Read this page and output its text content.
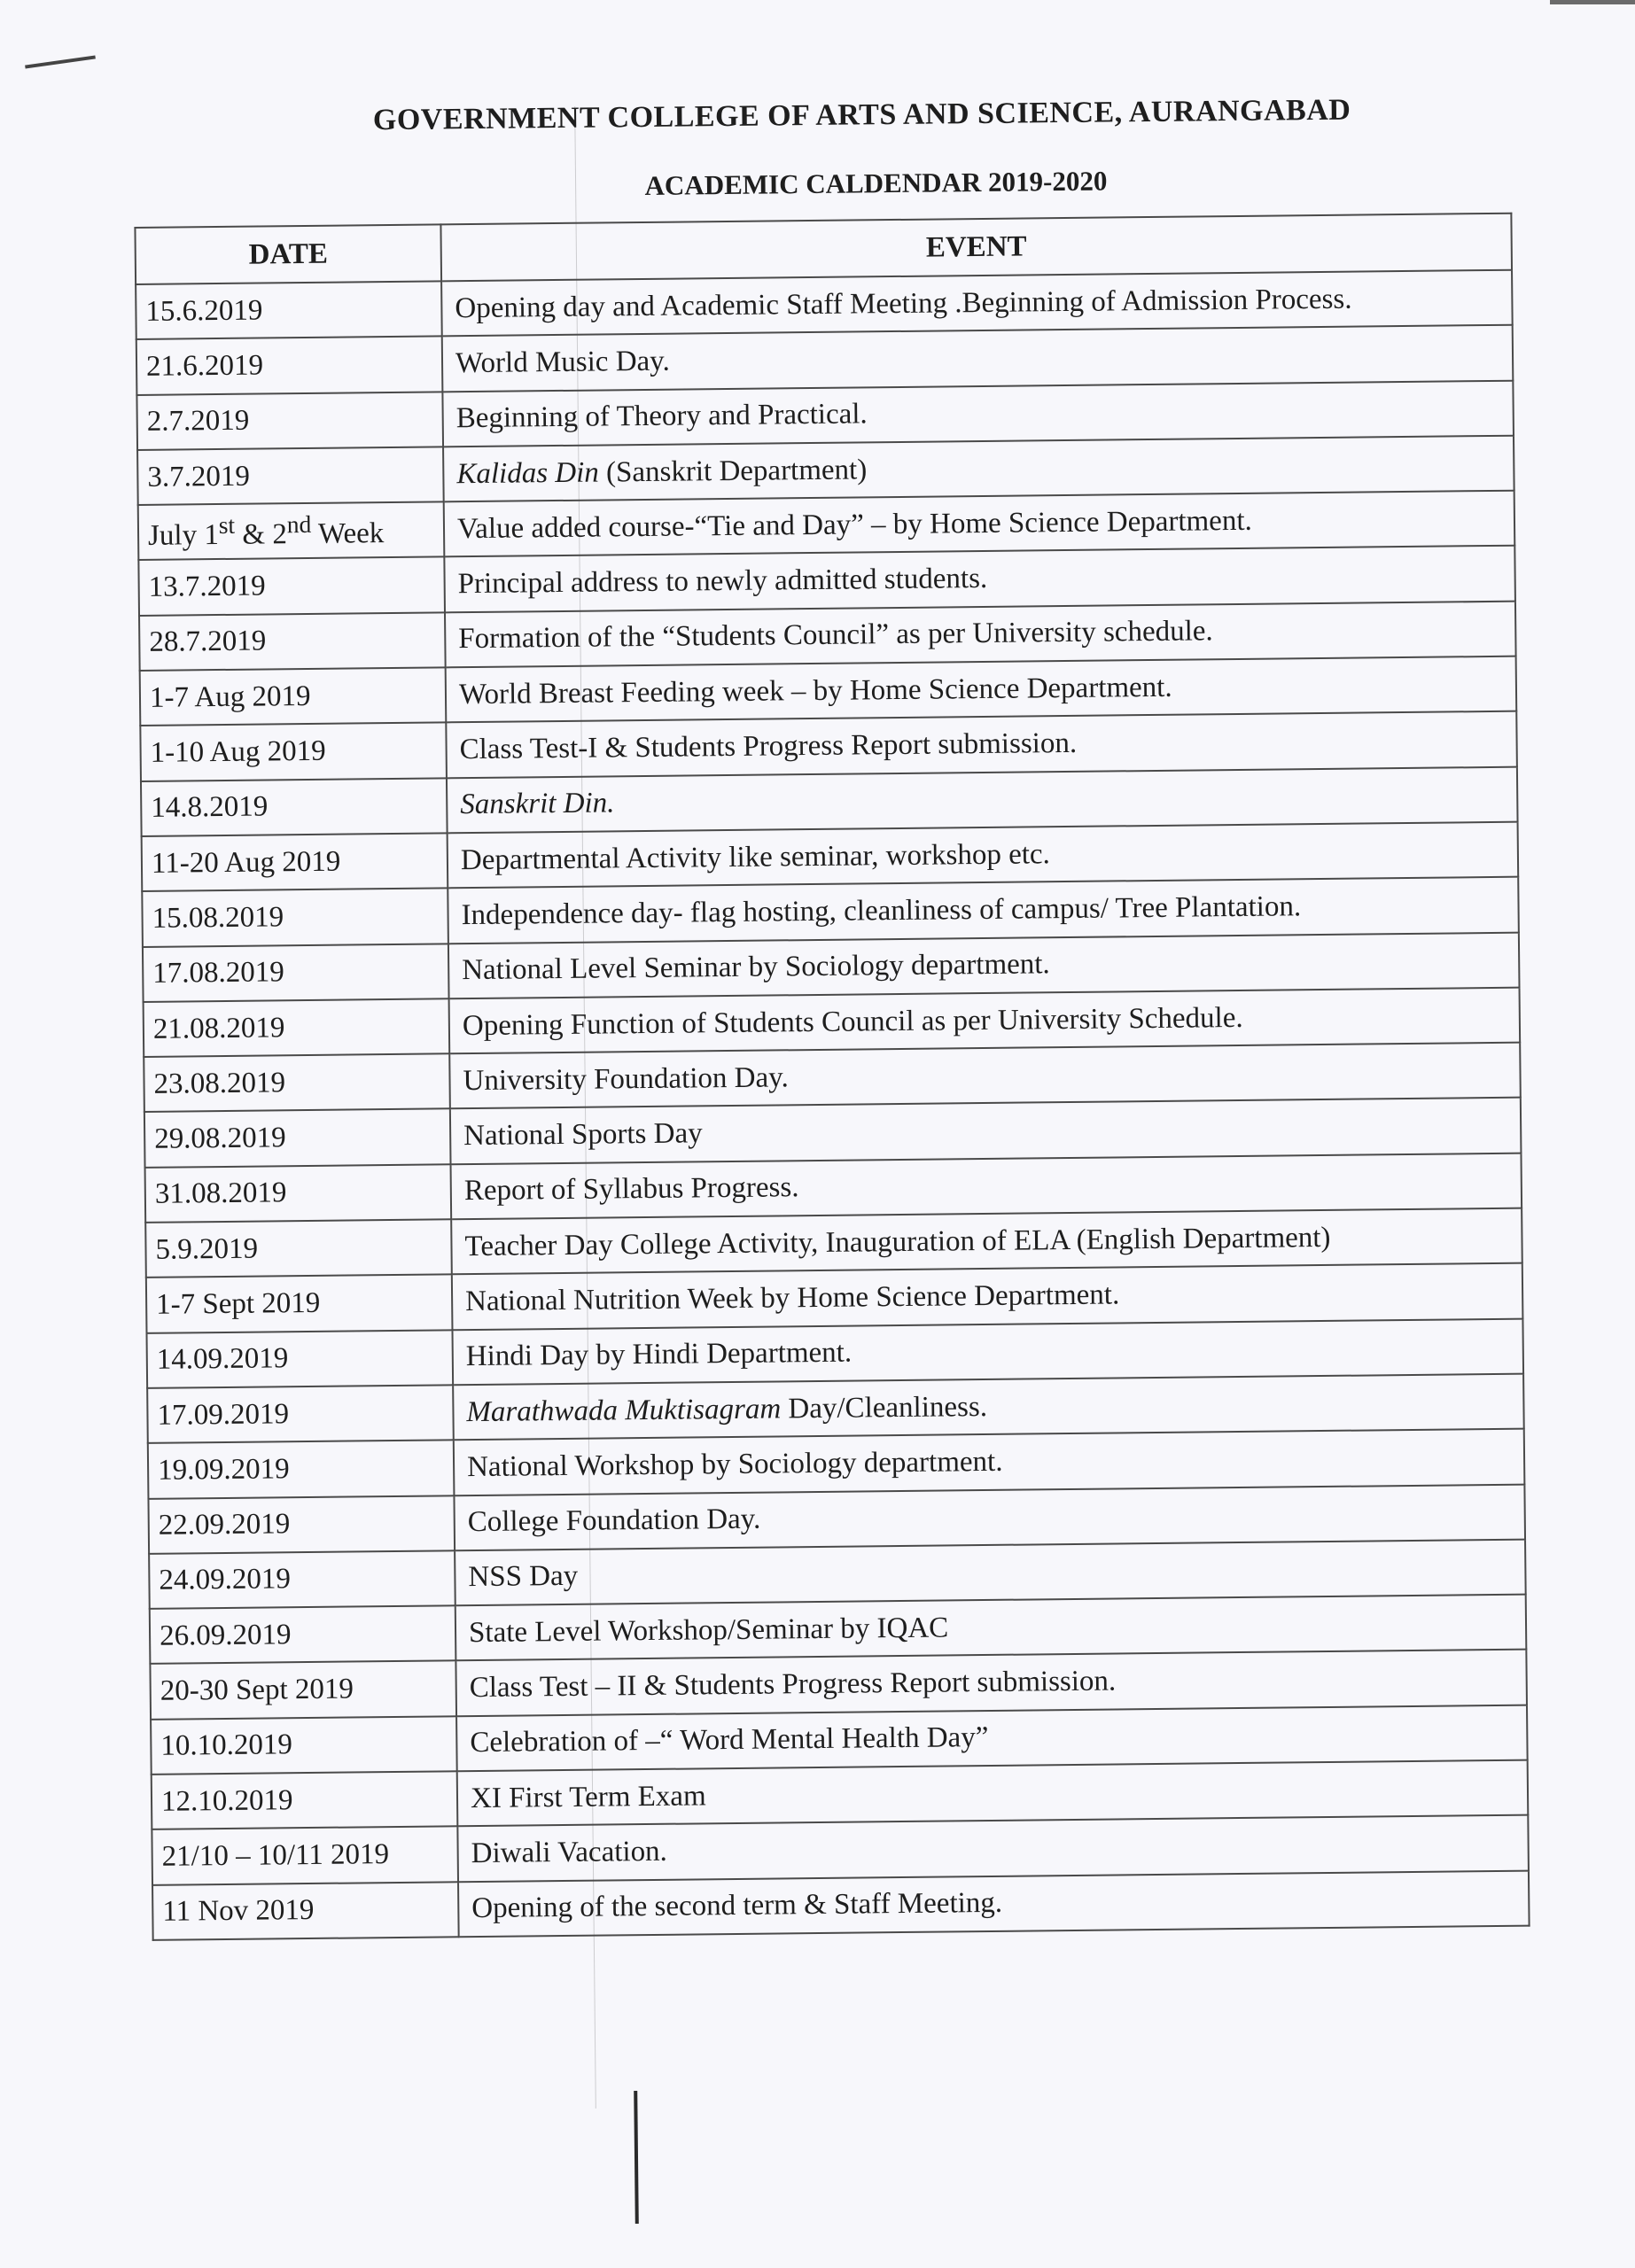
GOVERNMENT COLLEGE OF ARTS AND SCIENCE, AURANGABAD
ACADEMIC CALDENDAR 2019-2020
DATE	EVENT
15.6.2019	Opening day and Academic Staff Meeting .Beginning of Admission Process.
21.6.2019	World Music Day.
2.7.2019	Beginning of Theory and Practical.
3.7.2019	Kalidas Din (Sanskrit Department)
July 1st & 2nd Week	Value added course-“Tie and Day” – by Home Science Department.
13.7.2019	Principal address to newly admitted students.
28.7.2019	Formation of the “Students Council” as per University schedule.
1-7 Aug 2019	World Breast Feeding week – by Home Science Department.
1-10 Aug 2019	Class Test-I & Students Progress Report submission.
14.8.2019	Sanskrit Din.
11-20 Aug 2019	Departmental Activity like seminar, workshop etc.
15.08.2019	Independence day- flag hosting, cleanliness of campus/ Tree Plantation.
17.08.2019	National Level Seminar by Sociology department.
21.08.2019	Opening Function of Students Council as per University Schedule.
23.08.2019	University Foundation Day.
29.08.2019	National Sports Day
31.08.2019	Report of Syllabus Progress.
5.9.2019	Teacher Day College Activity, Inauguration of ELA (English Department)
1-7 Sept 2019	National Nutrition Week by Home Science Department.
14.09.2019	Hindi Day by Hindi Department.
17.09.2019	Marathwada Muktisagram Day/Cleanliness.
19.09.2019	National Workshop by Sociology department.
22.09.2019	College Foundation Day.
24.09.2019	NSS Day
26.09.2019	State Level Workshop/Seminar by IQAC
20-30 Sept 2019	Class Test – II & Students Progress Report submission.
10.10.2019	Celebration of –“ Word Mental Health Day”
12.10.2019	XI First Term Exam
21/10 – 10/11 2019	Diwali Vacation.
11 Nov 2019	Opening of the second term & Staff Meeting.
